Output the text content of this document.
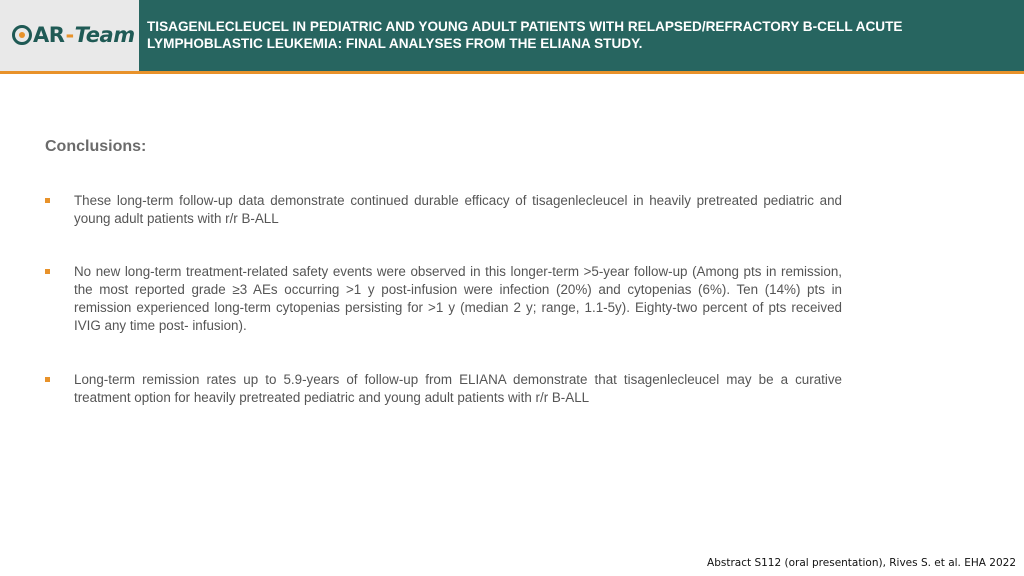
A R - Team TISAGENLECLEUCEL IN PEDIATRIC AND YOUNG ADULT PATIENTS WITH RELAPSED/REFRACTORY B-CELL ACUTE
LYMPHOBLASTIC LEUKEMIA: FINAL ANALYSES FROM THE ELIANA STUDY.
Conclusions:
These long-term follow-up data demonstrate continued durable efficacy of tisagenlecleucel in heavily pretreated pediatric and young adult patients with r/r B-ALL
No new long-term treatment-related safety events were observed in this longer-term >5-year follow-up (Among pts in remission, the most reported grade ≥3 AEs occurring >1 y post-infusion were infection (20%) and cytopenias (6%). Ten (14%) pts in remission experienced long-term cytopenias persisting for >1 y (median 2 y; range, 1.1-5y). Eighty-two percent of pts received IVIG any time post- infusion).
Long-term remission rates up to 5.9-years of follow-up from ELIANA demonstrate that tisagenlecleucel may be a curative treatment option for heavily pretreated pediatric and young adult patients with r/r B-ALL
Abstract S112 (oral presentation), Rives S. et al. EHA 2022
